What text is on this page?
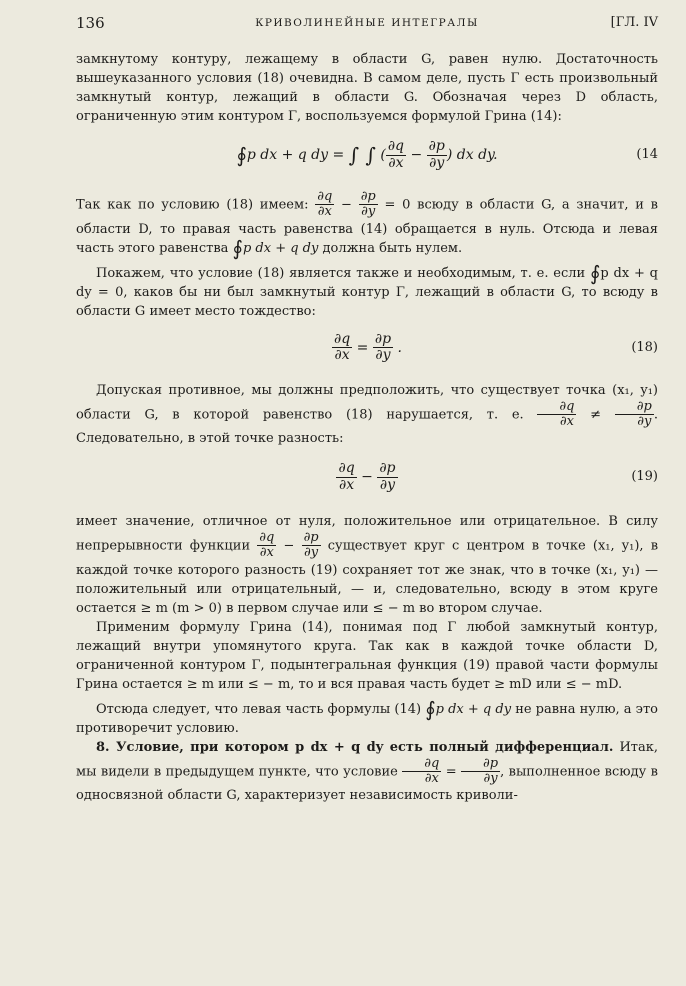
136	КРИВОЛИНЕЙНЫЕ ИНТЕГРАЛЫ	[ГЛ. IV

замкнутому контуру, лежащему в области G, равен нулю. Достаточность вышеуказанного условия (18) очевидна. В самом деле, пусть Γ есть произвольный замкнутый контур, лежащий в области G. Обозначая через D область, ограниченную этим контуром Γ, воспользуемся формулой Грина (14):

∮p dx + q dy = ∫ ∫ ( $\frac{\partial q}{\partial x} - \frac{\partial p}{\partial y}$ ) dx dy.	(14

Так как по условию (18) имеем: $\frac{\partial q}{\partial x} - \frac{\partial p}{\partial y} = 0$ всюду в области G, а значит, и в области D, то правая часть равенства (14) обращается в нуль. Отсюда и левая часть этого равенства ∮p dx + q dy должна быть нулем.

Покажем, что условие (18) является также и необходимым, т. е. если ∮p dx + q dy = 0, каков бы ни был замкнутый контур Γ, лежащий в области G, то всюду в области G имеет место тождество:

$\frac{\partial q}{\partial x} = \frac{\partial p}{\partial y}$ .	(18)

Допуская противное, мы должны предположить, что существует точка (x₁, y₁) области G, в которой равенство (18) нарушается, т. е. $\frac{\partial q}{\partial x} \ne \frac{\partial p}{\partial y}$ . Следовательно, в этой точке разность:

$\frac{\partial q}{\partial x} - \frac{\partial p}{\partial y}$	(19)

имеет значение, отличное от нуля, положительное или отрицательное. В силу непрерывности функции $\frac{\partial q}{\partial x} - \frac{\partial p}{\partial y}$ существует круг с центром в точке (x₁, y₁), в каждой точке которого разность (19) сохраняет тот же знак, что в точке (x₁, y₁) — положительный или отрицательный, — и, следовательно, всюду в этом круге остается ≥ m (m > 0) в первом случае или ≤ − m во втором случае.

Применим формулу Грина (14), понимая под Γ любой замкнутый контур, лежащий внутри упомянутого круга. Так как в каждой точке области D, ограниченной контуром Γ, подынтегральная функция (19) правой части формулы Грина остается ≥ m или ≤ − m, то и вся правая часть будет ≥ mD или ≤ − mD.

Отсюда следует, что левая часть формулы (14) ∮p dx + q dy не равна нулю, а это противоречит условию.

8. Условие, при котором p dx + q dy есть полный дифференциал. Итак, мы видели в предыдущем пункте, что условие $\frac{\partial q}{\partial x} = \frac{\partial p}{\partial y}$ , выполненное всюду в односвязной области G, характеризует независимость криволи-
